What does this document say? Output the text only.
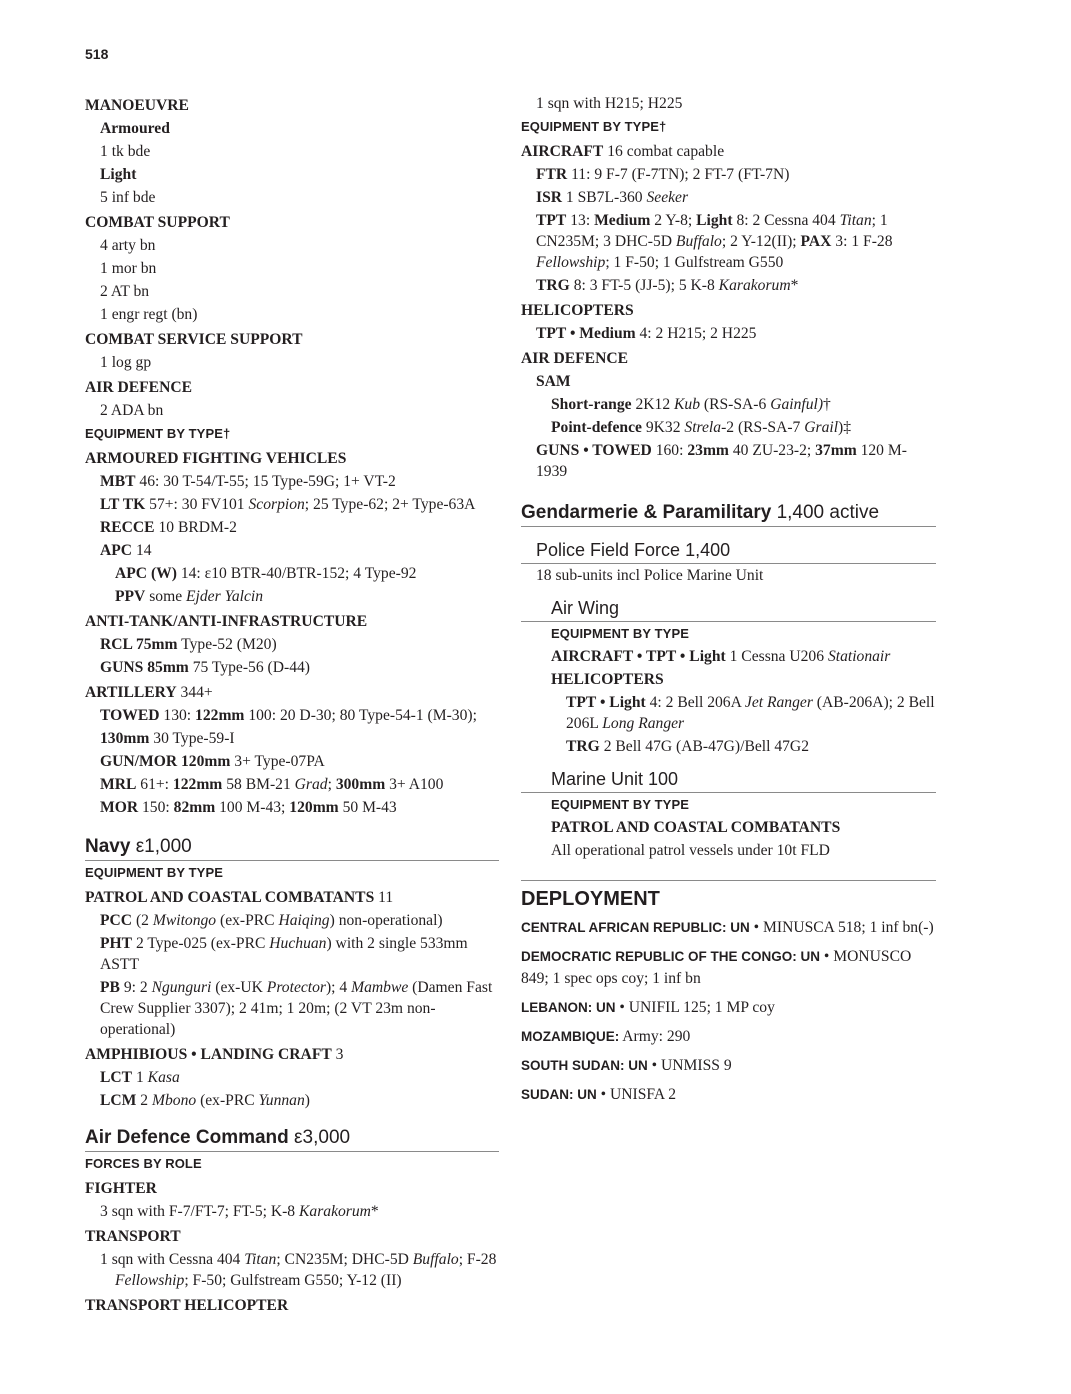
518
MANOEUVRE
Armoured
1 tk bde
Light
5 inf bde
COMBAT SUPPORT
4 arty bn
1 mor bn
2 AT bn
1 engr regt (bn)
COMBAT SERVICE SUPPORT
1 log gp
AIR DEFENCE
2 ADA bn
EQUIPMENT BY TYPE†
ARMOURED FIGHTING VEHICLES
MBT 46: 30 T-54/T-55; 15 Type-59G; 1+ VT-2
LT TK 57+: 30 FV101 Scorpion; 25 Type-62; 2+ Type-63A
RECCE 10 BRDM-2
APC 14
APC (W) 14: ε10 BTR-40/BTR-152; 4 Type-92
PPV some Ejder Yalcin
ANTI-TANK/ANTI-INFRASTRUCTURE
RCL 75mm Type-52 (M20)
GUNS 85mm 75 Type-56 (D-44)
ARTILLERY 344+
TOWED 130: 122mm 100: 20 D-30; 80 Type-54-1 (M-30);
130mm 30 Type-59-I
GUN/MOR 120mm 3+ Type-07PA
MRL 61+: 122mm 58 BM-21 Grad; 300mm 3+ A100
MOR 150: 82mm 100 M-43; 120mm 50 M-43
Navy ε1,000
EQUIPMENT BY TYPE
PATROL AND COASTAL COMBATANTS 11
PCC (2 Mwitongo (ex-PRC Haiqing) non-operational)
PHT 2 Type-025 (ex-PRC Huchuan) with 2 single 533mm ASTT
PB 9: 2 Ngunguri (ex-UK Protector); 4 Mambwe (Damen Fast Crew Supplier 3307); 2 41m; 1 20m; (2 VT 23m non-operational)
AMPHIBIOUS • LANDING CRAFT 3
LCT 1 Kasa
LCM 2 Mbono (ex-PRC Yunnan)
Air Defence Command ε3,000
FORCES BY ROLE
FIGHTER
3 sqn with F-7/FT-7; FT-5; K-8 Karakorum*
TRANSPORT
1 sqn with Cessna 404 Titan; CN235M; DHC-5D Buffalo; F-28 Fellowship; F-50; Gulfstream G550; Y-12 (II)
TRANSPORT HELICOPTER
1 sqn with H215; H225
EQUIPMENT BY TYPE†
AIRCRAFT 16 combat capable
FTR 11: 9 F-7 (F-7TN); 2 FT-7 (FT-7N)
ISR 1 SB7L-360 Seeker
TPT 13: Medium 2 Y-8; Light 8: 2 Cessna 404 Titan; 1 CN235M; 3 DHC-5D Buffalo; 2 Y-12(II); PAX 3: 1 F-28 Fellowship; 1 F-50; 1 Gulfstream G550
TRG 8: 3 FT-5 (JJ-5); 5 K-8 Karakorum*
HELICOPTERS
TPT • Medium 4: 2 H215; 2 H225
AIR DEFENCE
SAM
Short-range 2K12 Kub (RS-SA-6 Gainful)†
Point-defence 9K32 Strela-2 (RS-SA-7 Grail)‡
GUNS • TOWED 160: 23mm 40 ZU-23-2; 37mm 120 M-1939
Gendarmerie & Paramilitary 1,400 active
Police Field Force 1,400
18 sub-units incl Police Marine Unit
Air Wing
EQUIPMENT BY TYPE
AIRCRAFT • TPT • Light 1 Cessna U206 Stationair
HELICOPTERS
TPT • Light 4: 2 Bell 206A Jet Ranger (AB-206A); 2 Bell 206L Long Ranger
TRG 2 Bell 47G (AB-47G)/Bell 47G2
Marine Unit 100
EQUIPMENT BY TYPE
PATROL AND COASTAL COMBATANTS
All operational patrol vessels under 10t FLD
DEPLOYMENT
CENTRAL AFRICAN REPUBLIC: UN • MINUSCA 518; 1 inf bn(-)
DEMOCRATIC REPUBLIC OF THE CONGO: UN • MONUSCO 849; 1 spec ops coy; 1 inf bn
LEBANON: UN • UNIFIL 125; 1 MP coy
MOZAMBIQUE: Army: 290
SOUTH SUDAN: UN • UNMISS 9
SUDAN: UN • UNISFA 2
